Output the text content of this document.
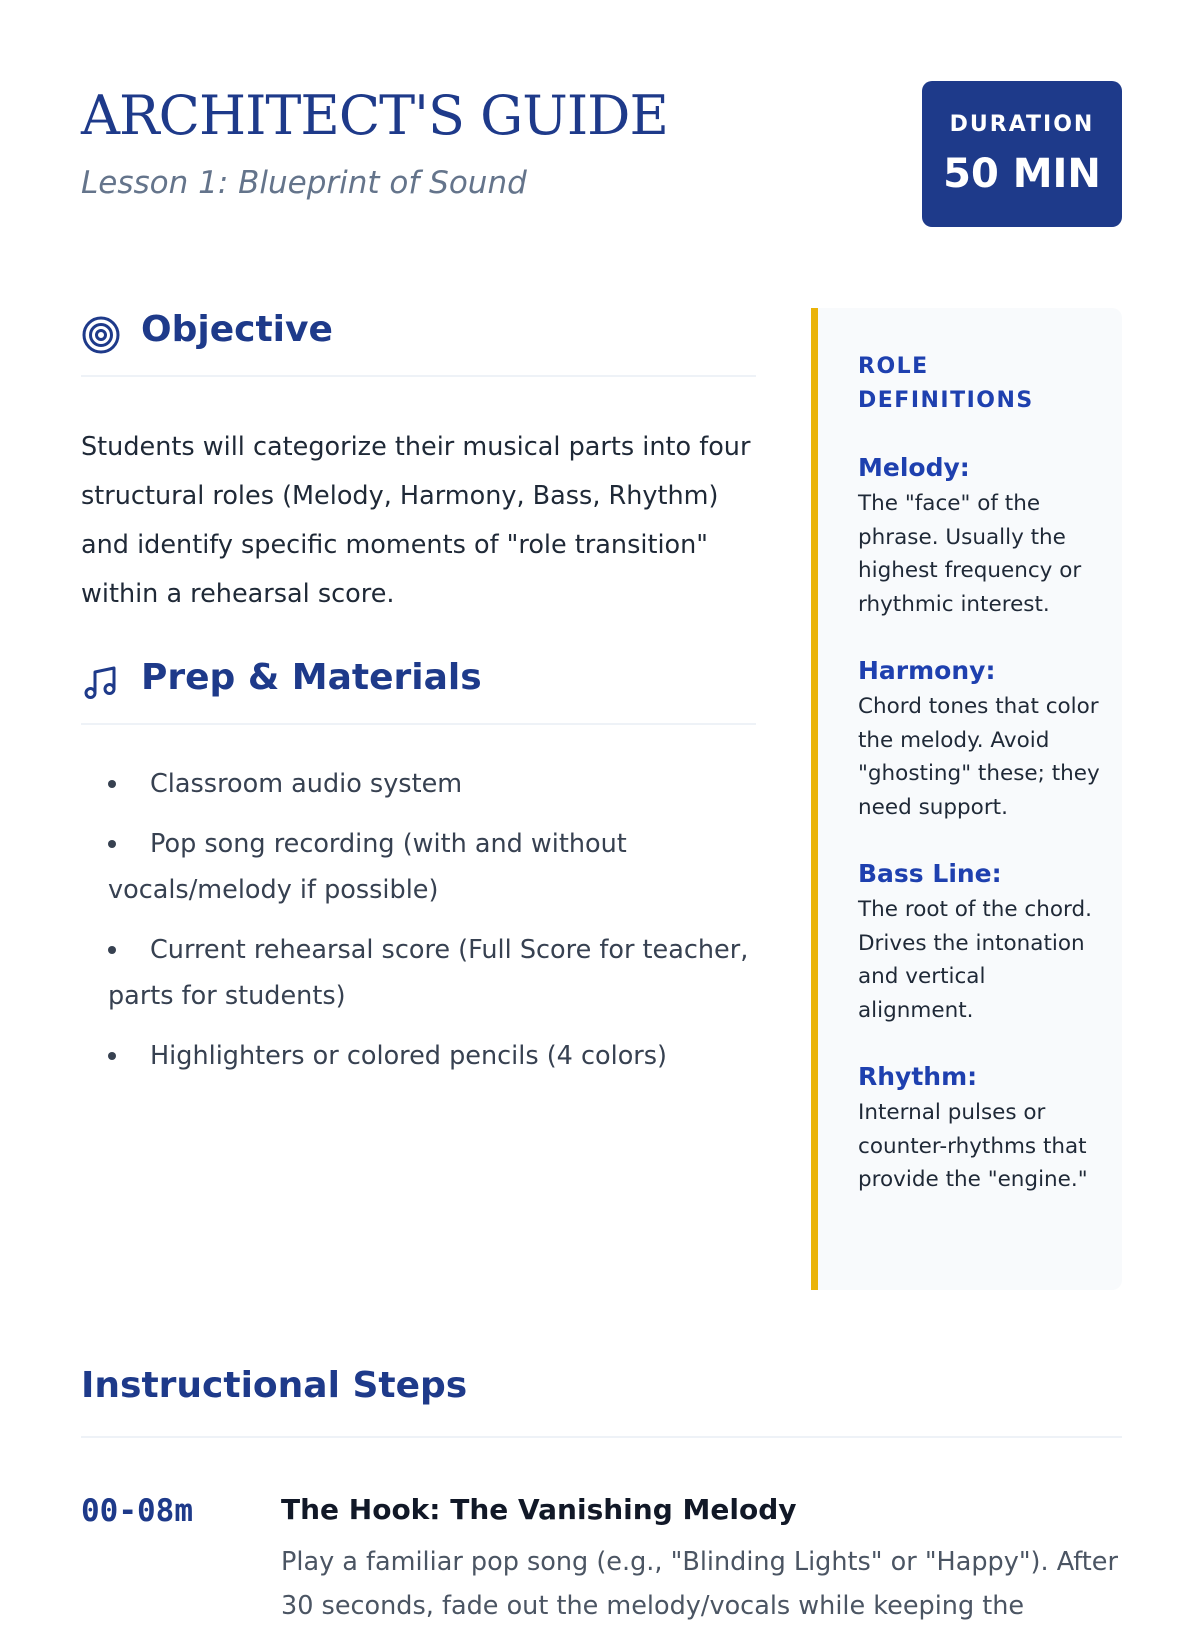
ARCHITECT'S GUIDE
Lesson 1: Blueprint of Sound
DURATION
50 MIN
Objective

Students will categorize their musical parts into four structural roles (Melody, Harmony, Bass, Rhythm) and identify specific moments of "role transition" within a rehearsal score.

Prep & Materials
Classroom audio system
Pop song recording (with and without vocals/melody if possible)
Current rehearsal score (Full Score for teacher, parts for students)
Highlighters or colored pencils (4 colors)
ROLE DEFINITIONS
Melody:
The "face" of the phrase. Usually the highest frequency or rhythmic interest.
Harmony:
Chord tones that color the melody. Avoid "ghosting" these; they need support.
Bass Line:
The root of the chord. Drives the intonation and vertical alignment.
Rhythm:
Internal pulses or counter-rhythms that provide the "engine."
Instructional Steps
00-08m	The Hook: The Vanishing Melody

Play a familiar pop song (e.g., "Blinding Lights" or "Happy"). After 30 seconds, fade out the melody/vocals while keeping the
